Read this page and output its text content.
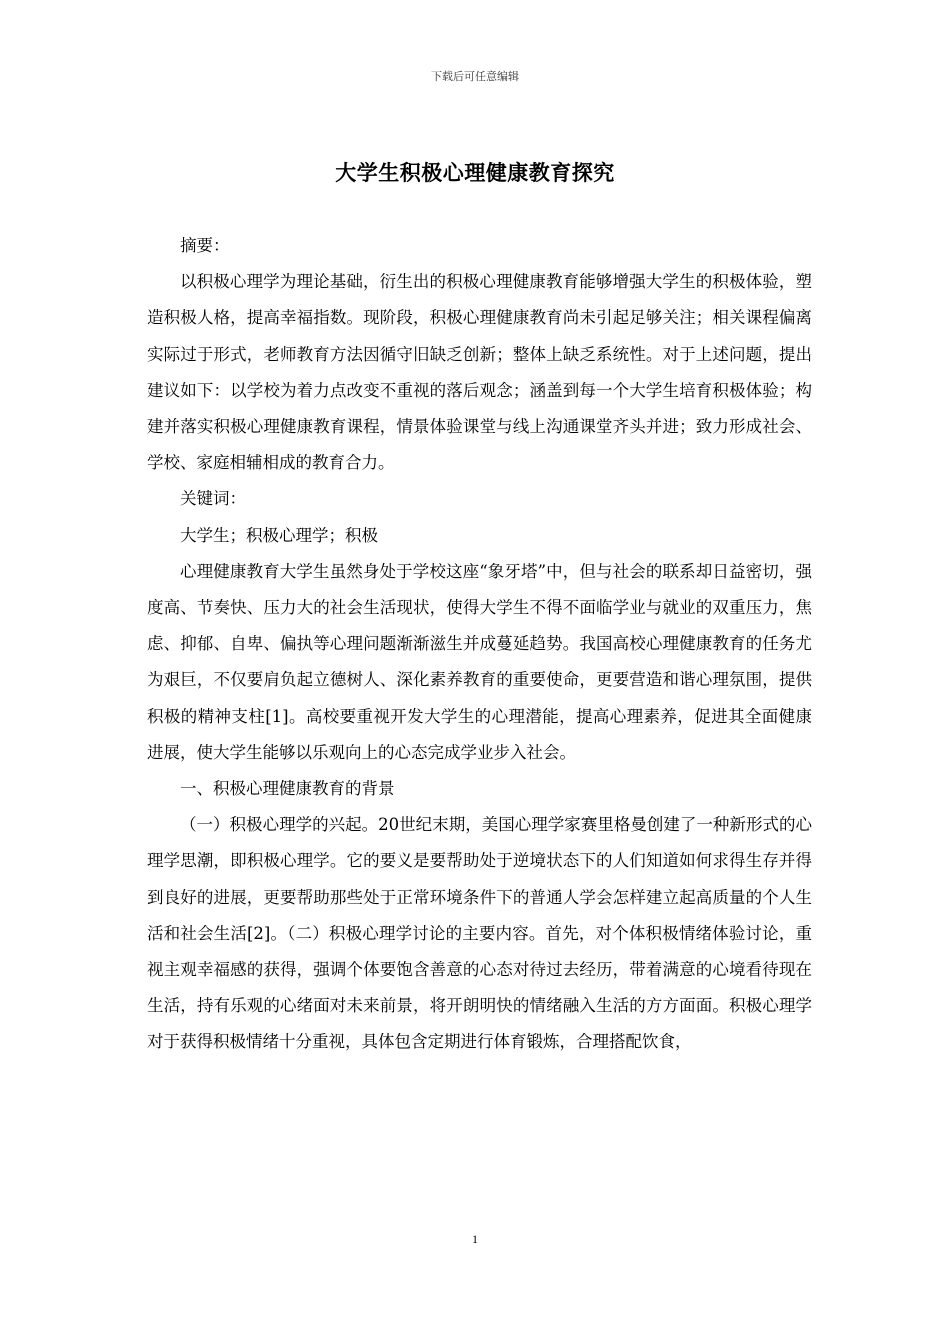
下载后可任意编辑
大学生积极心理健康教育探究

摘要：

以积极心理学为理论基础，衍生出的积极心理健康教育能够增强大学生的积极体验，塑造积极人格，提高幸福指数。现阶段，积极心理健康教育尚未引起足够关注；相关课程偏离实际过于形式，老师教育方法因循守旧缺乏创新；整体上缺乏系统性。对于上述问题，提出建议如下：以学校为着力点改变不重视的落后观念；涵盖到每一个大学生培育积极体验；构建并落实积极心理健康教育课程，情景体验课堂与线上沟通课堂齐头并进；致力形成社会、学校、家庭相辅相成的教育合力。

关键词：

大学生；积极心理学；积极

心理健康教育大学生虽然身处于学校这座“象牙塔”中，但与社会的联系却日益密切，强度高、节奏快、压力大的社会生活现状，使得大学生不得不面临学业与就业的双重压力，焦虑、抑郁、自卑、偏执等心理问题渐渐滋生并成蔓延趋势。我国高校心理健康教育的任务尤为艰巨，不仅要肩负起立德树人、深化素养教育的重要使命，更要营造和谐心理氛围，提供积极的精神支柱[1]。高校要重视开发大学生的心理潜能，提高心理素养，促进其全面健康进展，使大学生能够以乐观向上的心态完成学业步入社会。

一、积极心理健康教育的背景

（一）积极心理学的兴起。20世纪末期，美国心理学家赛里格曼创建了一种新形式的心理学思潮，即积极心理学。它的要义是要帮助处于逆境状态下的人们知道如何求得生存并得到良好的进展，更要帮助那些处于正常环境条件下的普通人学会怎样建立起高质量的个人生活和社会生活[2]。（二）积极心理学讨论的主要内容。首先，对个体积极情绪体验讨论，重视主观幸福感的获得，强调个体要饱含善意的心态对待过去经历，带着满意的心境看待现在生活，持有乐观的心绪面对未来前景，将开朗明快的情绪融入生活的方方面面。积极心理学对于获得积极情绪十分重视，具体包含定期进行体育锻炼，合理搭配饮食，

1
